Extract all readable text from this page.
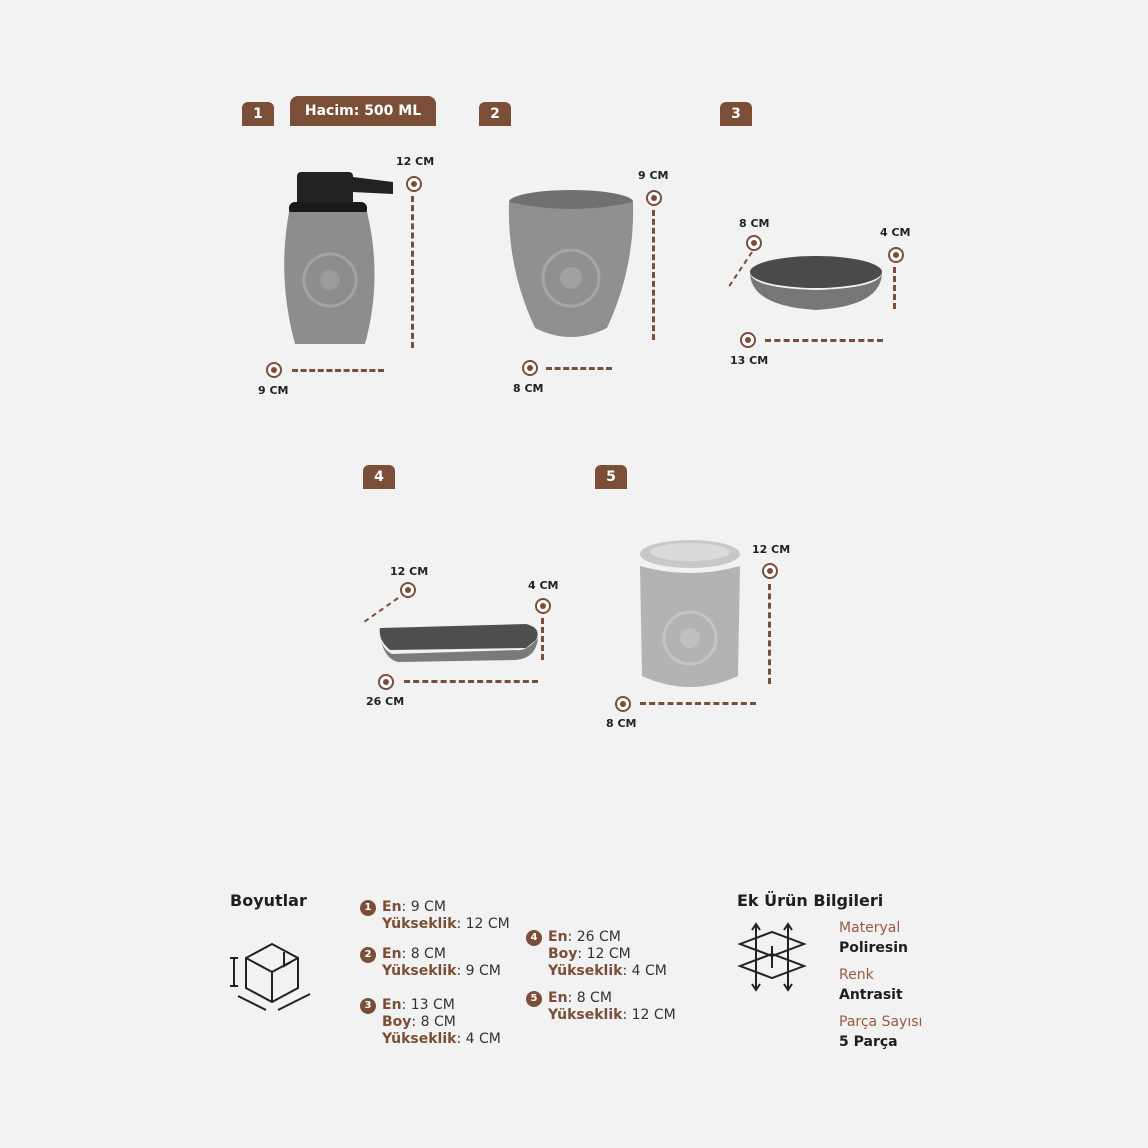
1	Hacim: 500 ML	2	3
4	5
12 CM
9 CM
9 CM
8 CM
8 CM
4 CM
13 CM
12 CM
4 CM
26 CM
12 CM
8 CM
Boyutlar	1 En: 9 CM
Yükseklik: 12 CM
2 En: 8 CM
Yükseklik: 9 CM
3 En: 13 CM
Boy: 8 CM
Yükseklik: 4 CM
4 En: 26 CM
Boy: 12 CM
Yükseklik: 4 CM
5 En: 8 CM
Yükseklik: 12 CM
Ek Ürün Bilgileri
Materyal
Poliresin
Renk
Antrasit
Parça Sayısı
5 Parça
